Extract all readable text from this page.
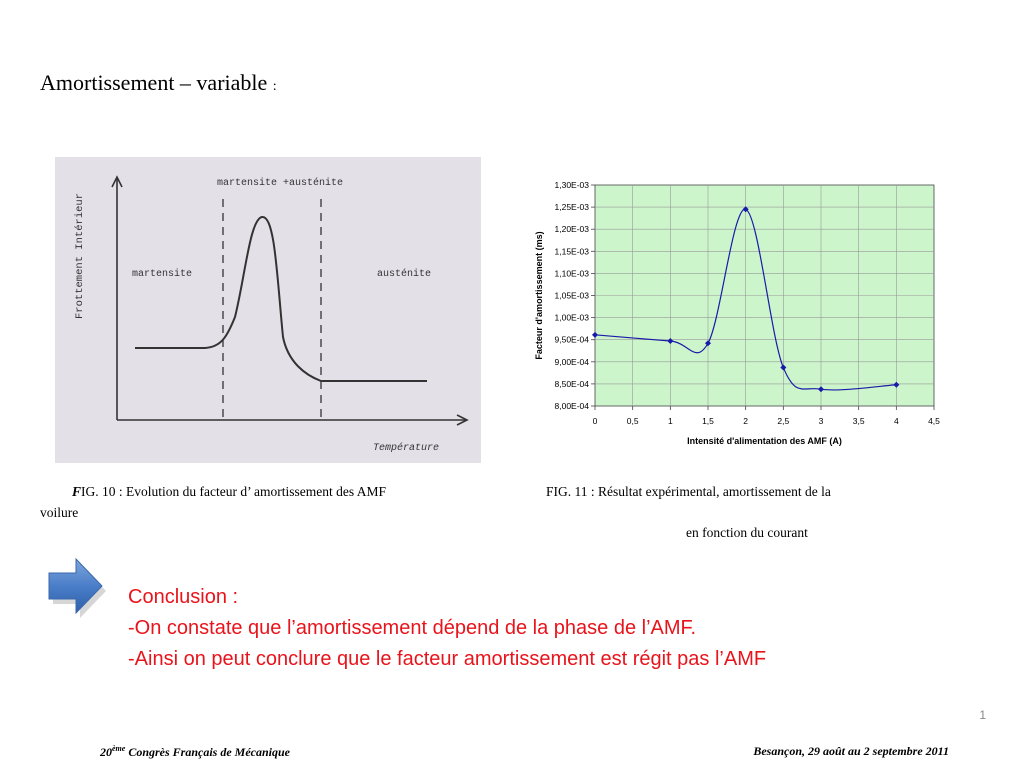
Amortissement – variable :
Frottement Intérieur
martensite +austénite
martensite	austénite
Température
8,00E-04
8,50E-04
9,00E-04
9,50E-04
1,00E-03
1,05E-03
1,10E-03
1,15E-03
1,20E-03
1,25E-03
1,30E-03
0	0,5	1	1,5	2	2,5	3	3,5	4	4,5
Facteur d'amortissement (ms)
Intensité d'alimentation des AMF (A)
FIG. 10 : Evolution du facteur d’ amortissement des AMF
voilure
FIG. 11 : Résultat expérimental, amortissement de la
en fonction du courant
Conclusion :
-On constate que l’amortissement dépend de la phase de l’AMF.
-Ainsi on peut conclure que le facteur amortissement est régit pas l’AMF
1
20ème Congrès Français de Mécanique	Besançon, 29 août au 2 septembre 2011
